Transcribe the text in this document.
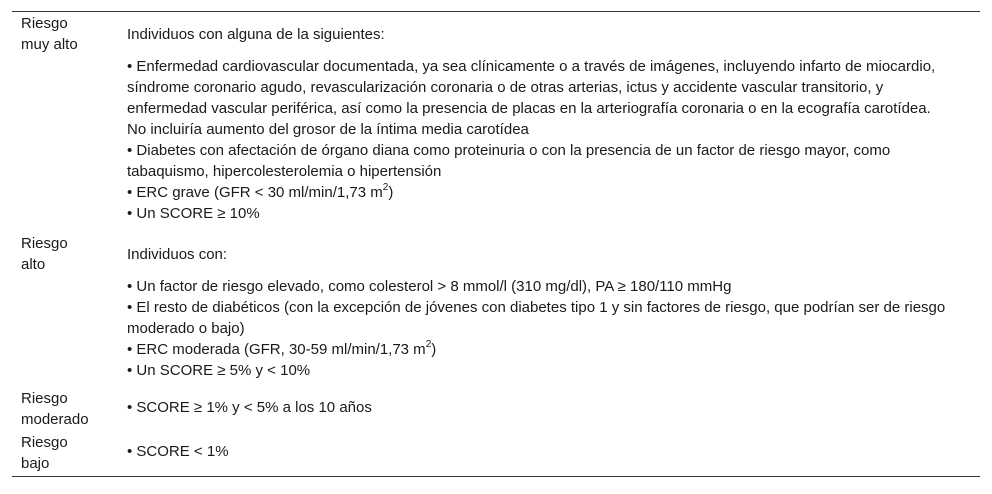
Riesgo
muy alto
Individuos con alguna de la siguientes:
• Enfermedad cardiovascular documentada, ya sea clínicamente o a través de imágenes, incluyendo infarto de miocardio, síndrome coronario agudo, revascularización coronaria o de otras arterias, ictus y accidente vascular transitorio, y enfermedad vascular periférica, así como la presencia de placas en la arteriografía coronaria o en la ecografía carotídea. No incluiría aumento del grosor de la íntima media carotídea
• Diabetes con afectación de órgano diana como proteinuria o con la presencia de un factor de riesgo mayor, como tabaquismo, hipercolesterolemia o hipertensión
• ERC grave (GFR < 30 ml/min/1,73 $m^2$)
• Un SCORE ≥ 10%
Riesgo
alto
Individuos con:
• Un factor de riesgo elevado, como colesterol > 8 mmol/l (310 mg/dl), PA ≥ 180/110 mmHg
• El resto de diabéticos (con la excepción de jóvenes con diabetes tipo 1 y sin factores de riesgo, que podrían ser de riesgo moderado o bajo)
• ERC moderada (GFR, 30-59 ml/min/1,73 $m^2$)
• Un SCORE ≥ 5% y < 10%
Riesgo
moderado
• SCORE ≥ 1% y < 5% a los 10 años
Riesgo
bajo
• SCORE < 1%
